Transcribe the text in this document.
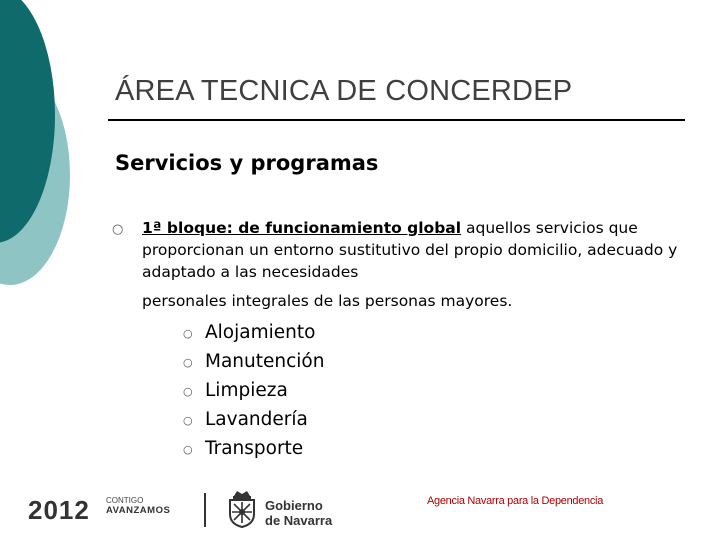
ÁREA TECNICA DE CONCERDEP
Servicios y programas
○ 1ª bloque: de funcionamiento global aquellos servicios que proporcionan un entorno sustitutivo del propio domicilio, adecuado y adaptado a las necesidades
personales integrales de las personas mayores.
○ Alojamiento
○ Manutención
○ Limpieza
○ Lavandería
○ Transporte
2012 CONTIGO
AVANZAMOS	Gobierno
de Navarra
Agencia Navarra para la Dependencia
